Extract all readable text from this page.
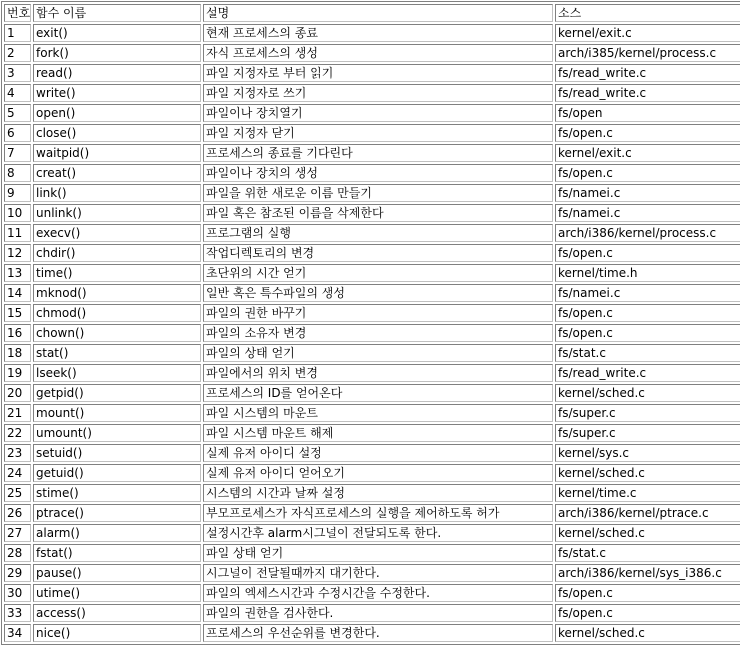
번호	함수 이름	설명	소스
1	exit()	현재 프로세스의 종료	kernel/exit.c
2	fork()	자식 프로세스의 생성	arch/i385/kernel/process.c
3	read()	파일 지정자로 부터 읽기	fs/read_write.c
4	write()	파일 지정자로 쓰기	fs/read_write.c
5	open()	파일이나 장치열기	fs/open
6	close()	파일 지정자 닫기	fs/open.c
7	waitpid()	프로세스의 종료를 기다린다	kernel/exit.c
8	creat()	파일이나 장치의 생성	fs/open.c
9	link()	파일을 위한 새로운 이름 만들기	fs/namei.c
10	unlink()	파일 혹은 참조된 이름을 삭제한다	fs/namei.c
11	execv()	프로그램의 실행	arch/i386/kernel/process.c
12	chdir()	작업디렉토리의 변경	fs/open.c
13	time()	초단위의 시간 얻기	kernel/time.h
14	mknod()	일반 혹은 특수파일의 생성	fs/namei.c
15	chmod()	파일의 권한 바꾸기	fs/open.c
16	chown()	파일의 소유자 변경	fs/open.c
18	stat()	파일의 상태 얻기	fs/stat.c
19	lseek()	파일에서의 위치 변경	fs/read_write.c
20	getpid()	프로세스의 ID를 얻어온다	kernel/sched.c
21	mount()	파일 시스템의 마운트	fs/super.c
22	umount()	파일 시스템 마운트 해제	fs/super.c
23	setuid()	실제 유저 아이디 설정	kernel/sys.c
24	getuid()	실제 유저 아이디 얻어오기	kernel/sched.c
25	stime()	시스템의 시간과 날짜 설정	kernel/time.c
26	ptrace()	부모프로세스가 자식프로세스의 실행을 제어하도록 허가	arch/i386/kernel/ptrace.c
27	alarm()	설정시간후 alarm시그널이 전달되도록 한다.	kernel/sched.c
28	fstat()	파일 상태 얻기	fs/stat.c
29	pause()	시그널이 전달될때까지 대기한다.	arch/i386/kernel/sys_i386.c
30	utime()	파일의 엑세스시간과 수정시간을 수정한다.	fs/open.c
33	access()	파일의 권한을 검사한다.	fs/open.c
34	nice()	프로세스의 우선순위를 변경한다.	kernel/sched.c
